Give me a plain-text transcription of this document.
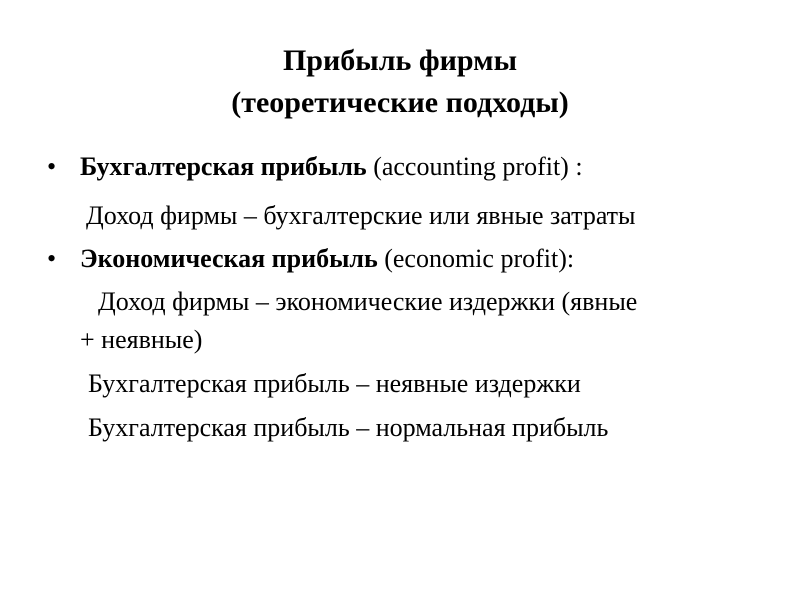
Прибыль фирмы
(теоретические подходы)
• Бухгалтерская прибыль (accounting profit) :
Доход фирмы – бухгалтерские или явные затраты
• Экономическая прибыль (economic profit):
Доход фирмы – экономические издержки (явные
+ неявные)
Бухгалтерская прибыль – неявные издержки
Бухгалтерская прибыль – нормальная прибыль
